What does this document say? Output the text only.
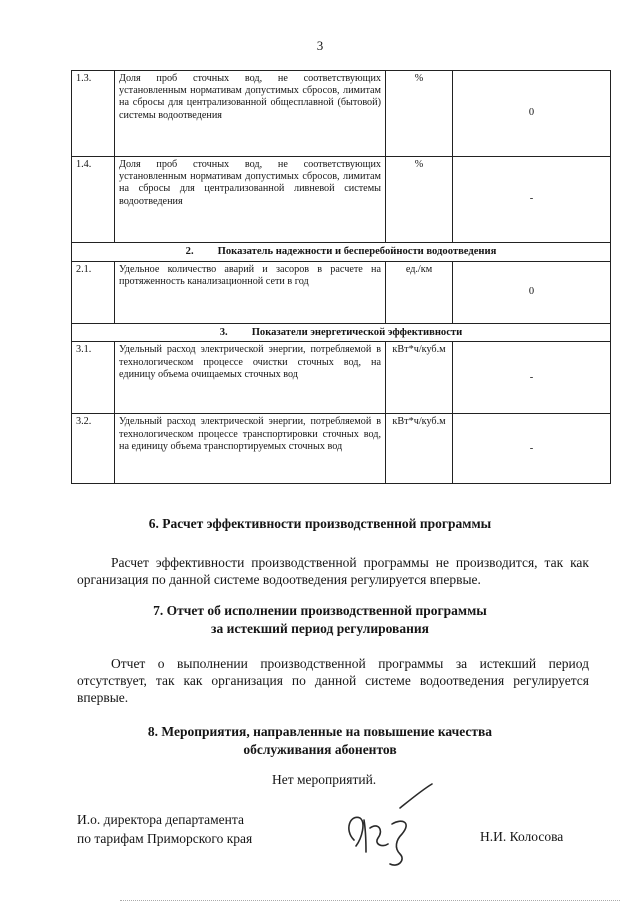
3
1.3.	Доля проб сточных вод, не соответствующих установленным нормативам допустимых сбросов, лимитам на сбросы для централизованной общесплавной (бытовой) системы водоотведения	%	0
1.4.	Доля проб сточных вод, не соответствующих установленным нормативам допустимых сбросов, лимитам на сбросы для централизованной ливневой системы водоотведения	%	-
2. Показатель надежности и бесперебойности водоотведения			
2.1.	Удельное количество аварий и засоров в расчете на протяженность канализационной сети в год	ед./км	0
3. Показатели энергетической эффективности			
3.1.	Удельный расход электрической энергии, потребляемой в технологическом процессе очистки сточных вод, на единицу объема очищаемых сточных вод	кВт*ч/куб.м	-
3.2.	Удельный расход электрической энергии, потребляемой в технологическом процессе транспортировки сточных вод, на единицу объема транспортируемых сточных вод	кВт*ч/куб.м	-
6. Расчет эффективности производственной программы
Расчет эффективности производственной программы не производится, так как организация по данной системе водоотведения регулируется впервые.
7. Отчет об исполнении производственной программы
за истекший период регулирования
Отчет о выполнении производственной программы за истекший период отсутствует, так как организация по данной системе водоотведения регулируется впервые.
8. Мероприятия, направленные на повышение качества
обслуживания абонентов
Нет мероприятий.
И.о. директора департамента
по тарифам Приморского края	Н.И. Колосова
